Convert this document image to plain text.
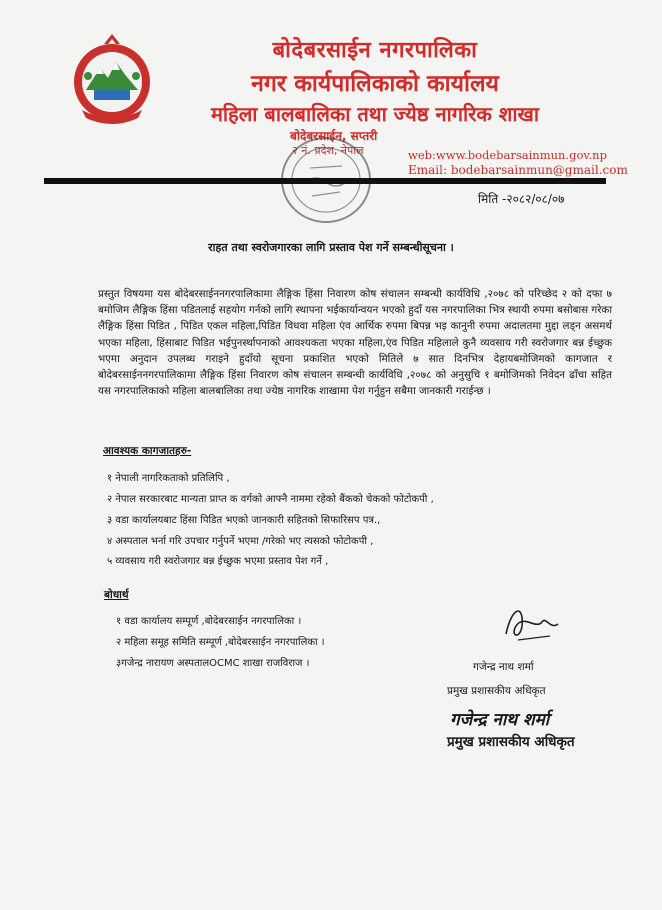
बोदेबरसाईन नगरपालिका
नगर कार्यपालिकाको कार्यालय
महिला बालबालिका तथा ज्येष्ठ नागरिक शाखा
बोदेबरसाईन, सप्तरी
२ नं. प्रदेश, नेपाल	web:www.bodebarsainmun.gov.np
Email: bodebarsainmun@gmail.com
मिति -२०८२/०८/०७
राहत तथा स्वरोजगारका लागि प्रस्ताव पेश गर्ने सम्बन्धीसूचना ।
प्रस्तुत विषयमा यस बोदेबरसाईननगरपालिकामा लैङ्गिक हिंसा निवारण कोष संचालन सम्बन्धी कार्यविधि ,२०७८ को परिच्छेद २ को दफा ७ बमोजिम लैङ्गिक हिंसा पडितलाई सहयोग गर्नको लागि स्थापना भईकार्यान्वयन भएको हुदाँ यस नगरपालिका भित्र स्थायी रुपमा बसोबास गरेका लैङ्गिक हिंसा पिडित , पिडित एकल महिला,पिडित विधवा महिला एंव आर्थिक रुपमा बिपन्न भइ कानुनी रुपमा अदालतमा मुद्दा लड्न असमर्थ भएका महिला, हिंसाबाट पिडित भईपुनर्स्थापनाको आवश्यकता भएका महिला,एंव पिडित महिलाले कुनै व्यवसाय गरी स्वरोजगार बन्न ईच्छुक भएमा अनुदान उपलब्ध गराइने हुदाँयो सूचना प्रकाशित भएको मितिले ७ सात दिनभित्र देहायबमोजिमको कागजात र बोदेबरसाईननगरपालिकामा लैङ्गिक हिंसा निवारण कोष संचालन सम्बन्धी कार्यविधि ,२०७८ को अनुसुचि १ बमोजिमको निवेदन ढाँचा सहित यस नगरपालिकाको महिला बालबालिका तथा ज्येष्ठ नागरिक शाखामा पेश गर्नुहुन सबैमा जानकारी गराईन्छ ।
आवश्यक कागजातहरु-
१ नेपाली नागरिकताको प्रतिलिपि ,
२ नेपाल सरकारबाट मान्यता प्राप्त क वर्गको आफ्नै नाममा रहेको बैंकको चेकको फोटोकपी ,
३ वडा कार्यालयबाट हिंसा पिडित भएको जानकारी सहितको सिफारिसप पत्र.,
४ अस्पताल भर्ना गरि उपचार गर्नुपर्ने भएमा /गरेको भए त्यसको फोटोकपी ,
५ व्यवसाय गरी स्वरोजगार बन्न ईच्छुक भएमा प्रस्ताव पेश गर्ने ,
बोधार्थ
१ वडा कार्यालय सम्पूर्ण ,बोदेबरसाईन नगरपालिका ।
२ महिला समूह समिति सम्पूर्ण ,बोदेबरसाईन नगरपालिका ।
३गजेन्द्र नारायण अस्पतालOCMC शाखा राजविराज ।	गजेन्द्र नाथ शर्मा
प्रमुख प्रशासकीय अधिकृत
गजेन्द्र नाथ शर्मा
प्रमुख प्रशासकीय अधिकृत
